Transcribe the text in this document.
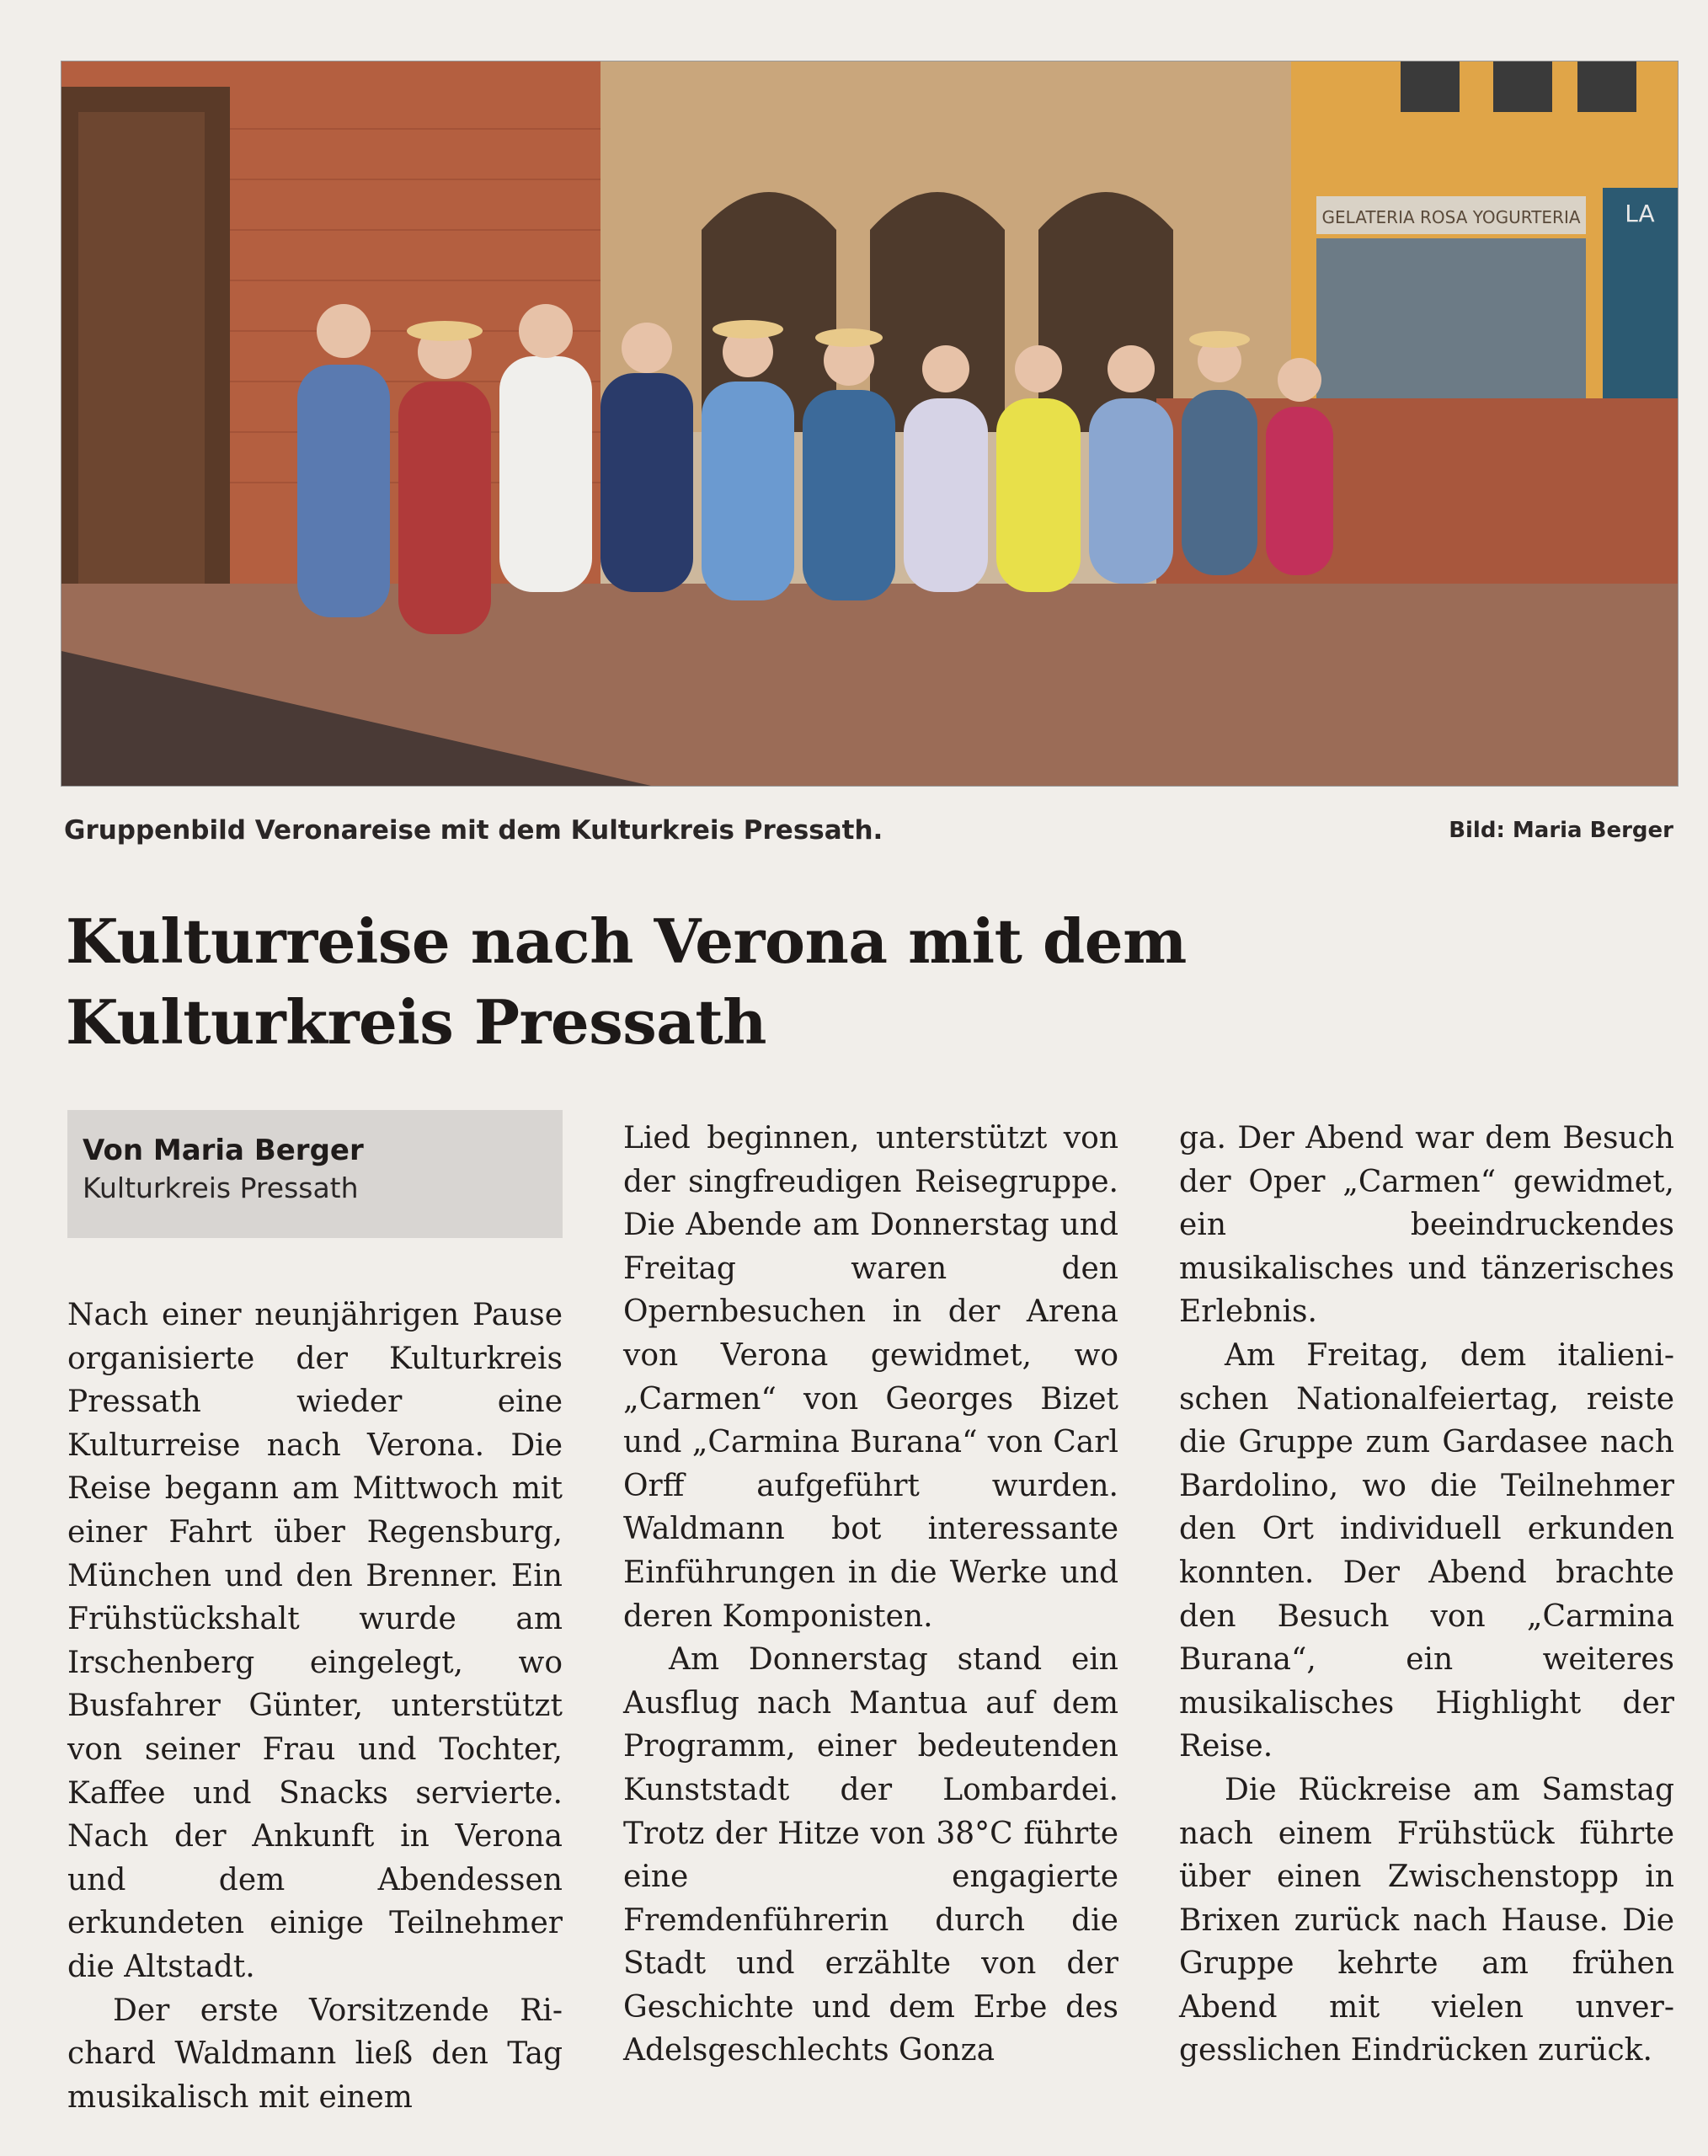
GELATERIA ROSA YOGURTERIA LA
Gruppenbild Veronareise mit dem Kulturkreis Pressath.	Bild: Maria Berger
Kulturreise nach Verona mit dem
Kulturkreis Pressath
Von Maria Berger
Kulturkreis Pressath

Nach einer neunjährigen Pause organisierte der Kulturkreis Pressath wieder eine Kulturreise nach Verona. Die Reise begann am Mittwoch mit einer Fahrt über Regensburg, München und den Brenner. Ein Frühstückshalt wurde am Irschenberg eingelegt, wo Busfahrer Günter, unterstützt von seiner Frau und Tochter, Kaffee und Snacks servierte. Nach der Ankunft in Verona und dem Abendessen erkundeten einige Teilnehmer die Altstadt.

Der erste Vorsitzende Richard Waldmann ließ den Tag musikalisch mit einem

Lied beginnen, unterstützt von der singfreudigen Reisegruppe. Die Abende am Donnerstag und Freitag waren den Opernbesuchen in der Arena von Verona gewidmet, wo „Carmen“ von Georges Bizet und „Carmina Burana“ von Carl Orff aufgeführt wurden. Waldmann bot interessante Einführungen in die Werke und deren Komponisten.

Am Donnerstag stand ein Ausflug nach Mantua auf dem Programm, einer bedeutenden Kunststadt der Lombardei. Trotz der Hitze von 38°C führte eine engagierte Fremdenführerin durch die Stadt und erzählte von der Geschichte und dem Erbe des Adelsgeschlechts Gonza

ga. Der Abend war dem Besuch der Oper „Carmen“ gewidmet, ein beeindruckendes musikalisches und tänzerisches Erlebnis.

Am Freitag, dem italienischen Nationalfeiertag, reiste die Gruppe zum Gardasee nach Bardolino, wo die Teilnehmer den Ort individuell erkunden konnten. Der Abend brachte den Besuch von „Carmina Burana“, ein weiteres musikalisches Highlight der Reise.

Die Rückreise am Samstag nach einem Frühstück führte über einen Zwischenstopp in Brixen zurück nach Hause. Die Gruppe kehrte am frühen Abend mit vielen unvergesslichen Eindrücken zurück.
